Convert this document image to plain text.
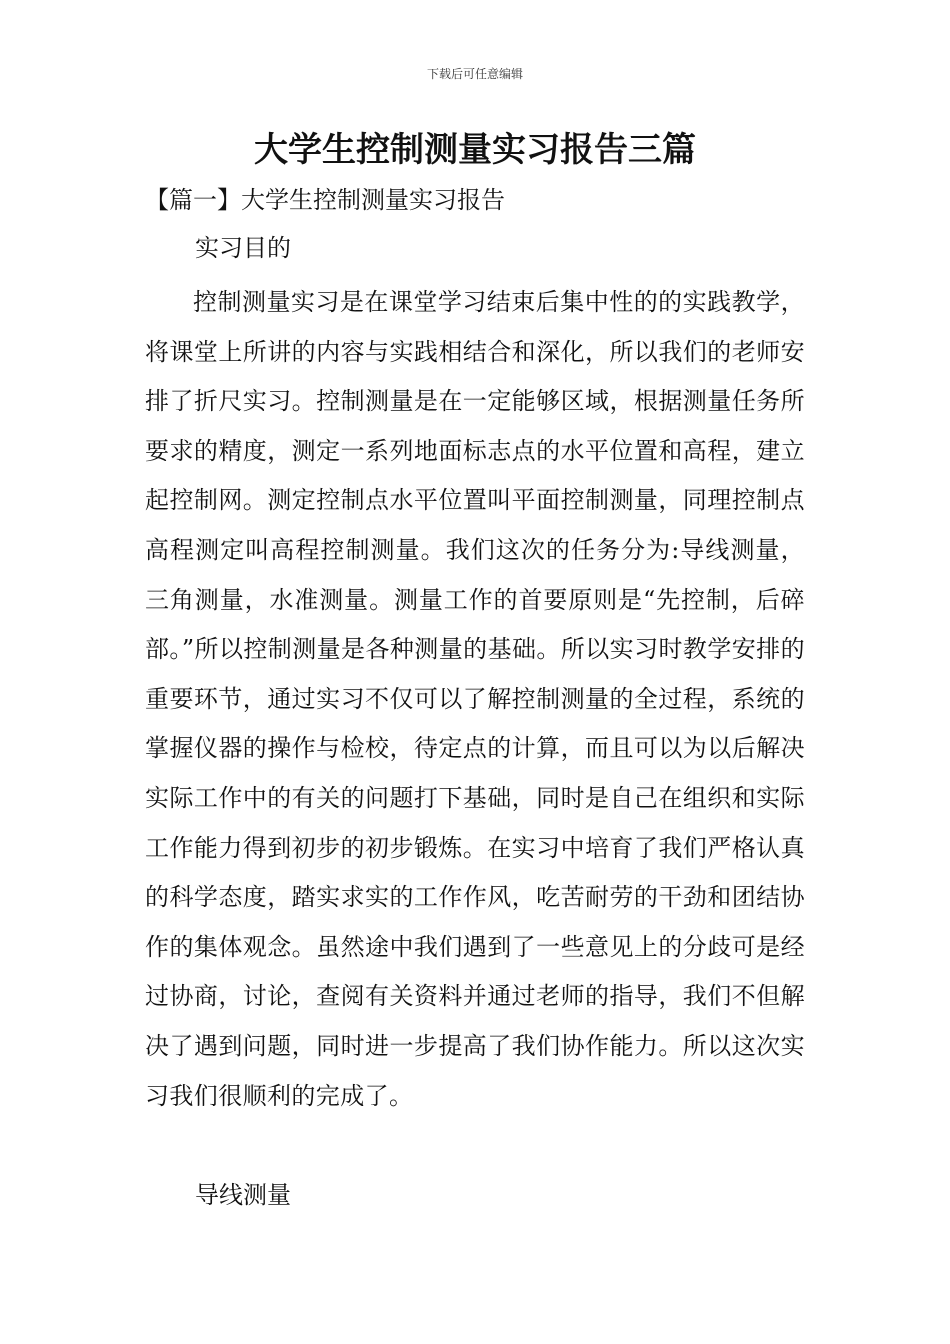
下载后可任意编辑
大学生控制测量实习报告三篇
【篇一】大学生控制测量实习报告
实习目的

控制测量实习是在课堂学习结束后集中性的的实践教学，将课堂上所讲的内容与实践相结合和深化，所以我们的老师安排了折尺实习。控制测量是在一定能够区域，根据测量任务所要求的精度，测定一系列地面标志点的水平位置和高程，建立起控制网。测定控制点水平位置叫平面控制测量，同理控制点高程测定叫高程控制测量。我们这次的任务分为:导线测量，三角测量，水准测量。测量工作的首要原则是“先控制，后碎部。”所以控制测量是各种测量的基础。所以实习时教学安排的重要环节，通过实习不仅可以了解控制测量的全过程，系统的掌握仪器的操作与检校，待定点的计算，而且可以为以后解决实际工作中的有关的问题打下基础，同时是自己在组织和实际工作能力得到初步的初步锻炼。在实习中培育了我们严格认真的科学态度，踏实求实的工作作风，吃苦耐劳的干劲和团结协作的集体观念。虽然途中我们遇到了一些意见上的分歧可是经过协商，讨论，查阅有关资料并通过老师的指导，我们不但解决了遇到问题，同时进一步提高了我们协作能力。所以这次实习我们很顺利的完成了。

导线测量
